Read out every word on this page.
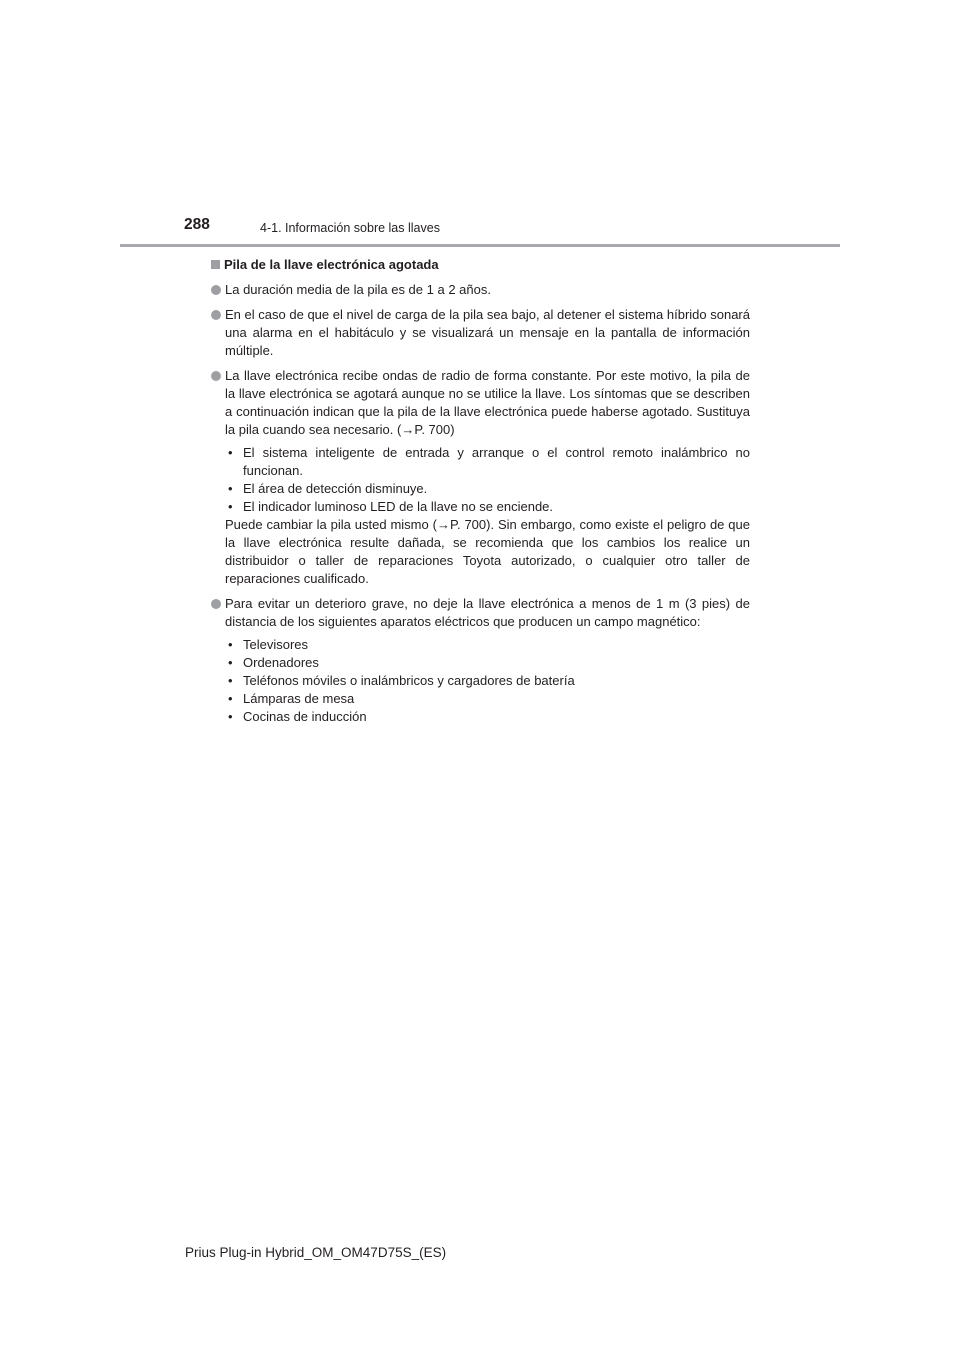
288	4-1. Información sobre las llaves
Pila de la llave electrónica agotada
La duración media de la pila es de 1 a 2 años.
En el caso de que el nivel de carga de la pila sea bajo, al detener el sistema híbrido sonará una alarma en el habitáculo y se visualizará un mensaje en la pantalla de información múltiple.
La llave electrónica recibe ondas de radio de forma constante. Por este motivo, la pila de la llave electrónica se agotará aunque no se utilice la llave. Los síntomas que se describen a continuación indican que la pila de la llave electrónica puede haberse agotado. Sustituya la pila cuando sea necesario. (→P. 700)
• El sistema inteligente de entrada y arranque o el control remoto inalámbrico no funcionan.
• El área de detección disminuye.
• El indicador luminoso LED de la llave no se enciende.

Puede cambiar la pila usted mismo (→P. 700). Sin embargo, como existe el peligro de que la llave electrónica resulte dañada, se recomienda que los cambios los realice un distribuidor o taller de reparaciones Toyota autorizado, o cualquier otro taller de reparaciones cualificado.

Para evitar un deterioro grave, no deje la llave electrónica a menos de 1 m (3 pies) de distancia de los siguientes aparatos eléctricos que producen un campo magnético:
• Televisores
• Ordenadores
• Teléfonos móviles o inalámbricos y cargadores de batería
• Lámparas de mesa
• Cocinas de inducción
Prius Plug-in Hybrid_OM_OM47D75S_(ES)
